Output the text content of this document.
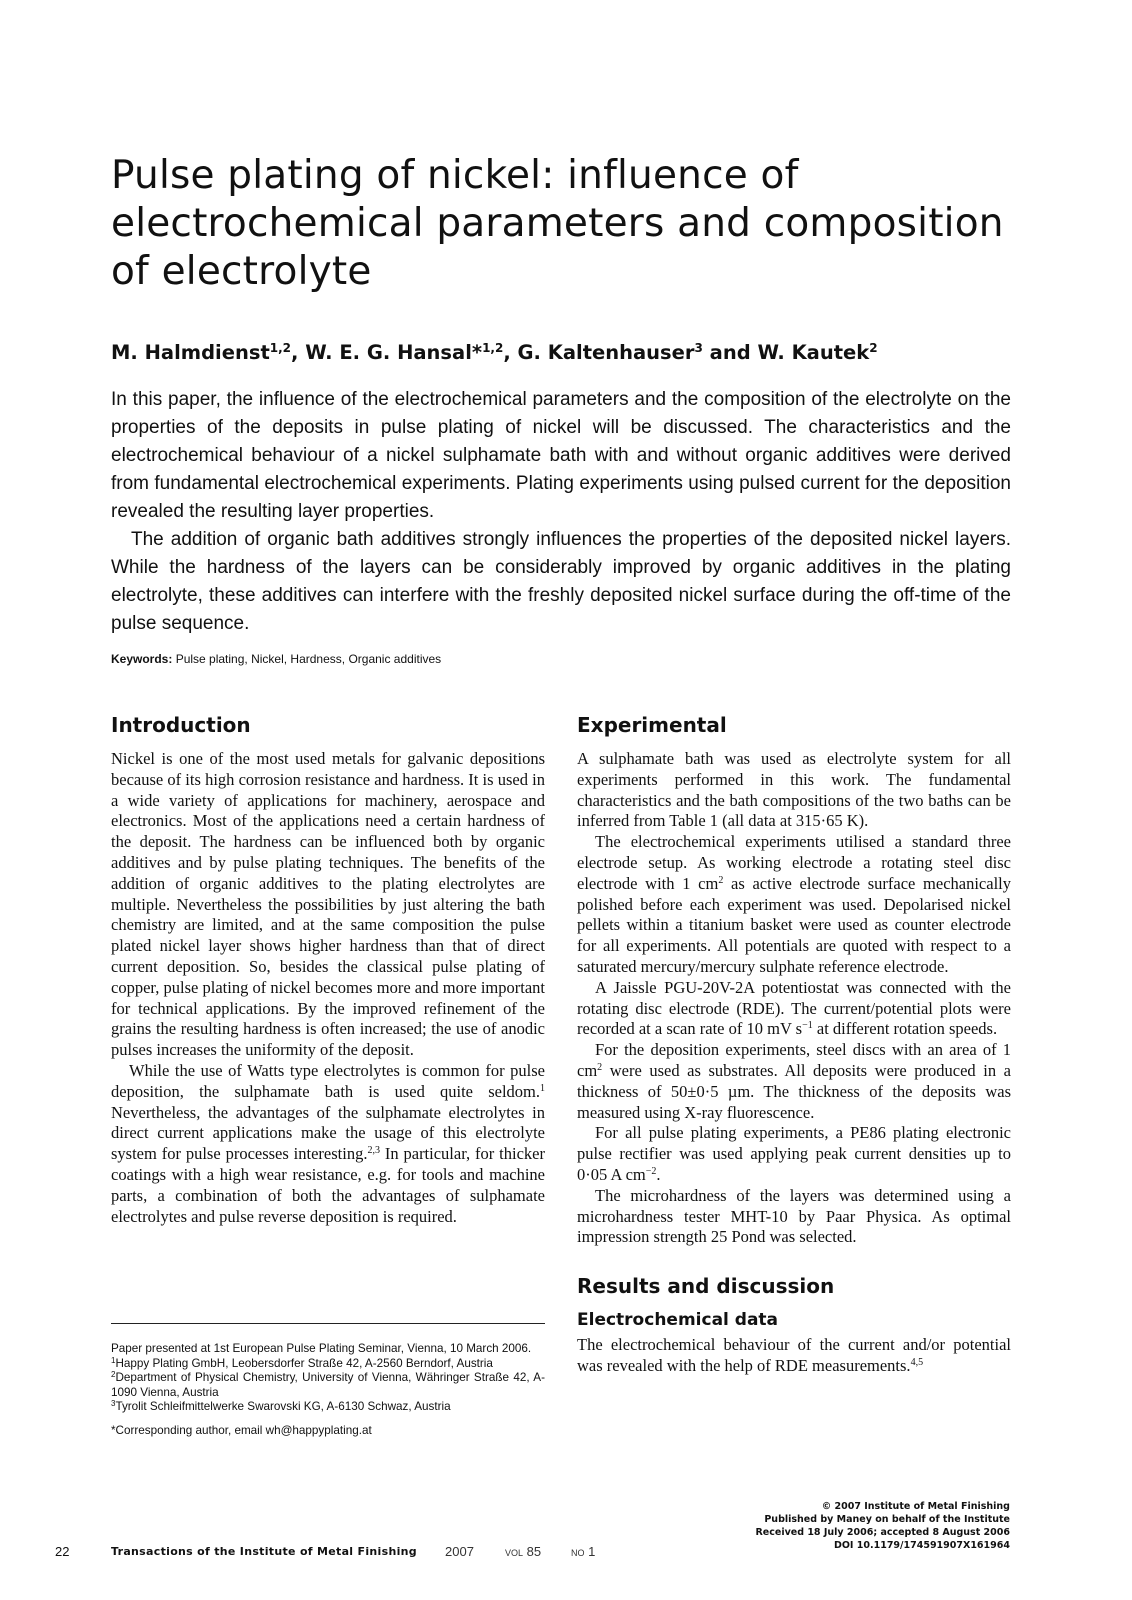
Pulse plating of nickel: influence of electrochemical parameters and composition of electrolyte
M. Halmdienst$^{1,2}$, W. E. G. Hansal*$^{1,2}$, G. Kaltenhauser$^3$ and W. Kautek$^2$

In this paper, the influence of the electrochemical parameters and the composition of the electrolyte on the properties of the deposits in pulse plating of nickel will be discussed. The characteristics and the electrochemical behaviour of a nickel sulphamate bath with and without organic additives were derived from fundamental electrochemical experiments. Plating experiments using pulsed current for the deposition revealed the resulting layer properties.

The addition of organic bath additives strongly influences the properties of the deposited nickel layers. While the hardness of the layers can be considerably improved by organic additives in the plating electrolyte, these additives can interfere with the freshly deposited nickel surface during the off-time of the pulse sequence.

Keywords: Pulse plating, Nickel, Hardness, Organic additives
Introduction

Nickel is one of the most used metals for galvanic depositions because of its high corrosion resistance and hardness. It is used in a wide variety of applications for machinery, aerospace and electronics. Most of the applications need a certain hardness of the deposit. The hardness can be influenced both by organic additives and by pulse plating techniques. The benefits of the addition of organic additives to the plating electrolytes are multiple. Nevertheless the possibilities by just altering the bath chemistry are limited, and at the same composition the pulse plated nickel layer shows higher hardness than that of direct current deposition. So, besides the classical pulse plating of copper, pulse plating of nickel becomes more and more important for technical applications. By the improved refinement of the grains the resulting hardness is often increased; the use of anodic pulses increases the uniformity of the deposit.

While the use of Watts type electrolytes is common for pulse deposition, the sulphamate bath is used quite seldom.$^1$ Nevertheless, the advantages of the sulphamate electrolytes in direct current applications make the usage of this electrolyte system for pulse processes interesting.$^{2,3}$ In particular, for thicker coatings with a high wear resistance, e.g. for tools and machine parts, a combination of both the advantages of sulphamate electrolytes and pulse reverse deposition is required.

Paper presented at 1st European Pulse Plating Seminar, Vienna, 10 March 2006.

$^1$Happy Plating GmbH, Leobersdorfer Straße 42, A-2560 Berndorf, Austria

$^2$Department of Physical Chemistry, University of Vienna, Währinger Straße 42, A-1090 Vienna, Austria

$^3$Tyrolit Schleifmittelwerke Swarovski KG, A-6130 Schwaz, Austria

*Corresponding author, email wh@happyplating.at

Experimental

A sulphamate bath was used as electrolyte system for all experiments performed in this work. The fundamental characteristics and the bath compositions of the two baths can be inferred from Table 1 (all data at 315·65 K).

The electrochemical experiments utilised a standard three electrode setup. As working electrode a rotating steel disc electrode with 1 $cm^2$ as active electrode surface mechanically polished before each experiment was used. Depolarised nickel pellets within a titanium basket were used as counter electrode for all experiments. All potentials are quoted with respect to a saturated mercury/mercury sulphate reference electrode.

A Jaissle PGU-20V-2A potentiostat was connected with the rotating disc electrode (RDE). The current/potential plots were recorded at a scan rate of 10 mV $s^{-1}$ at different rotation speeds.

For the deposition experiments, steel discs with an area of 1 $cm^2$ were used as substrates. All deposits were produced in a thickness of 50±0·5 µm. The thickness of the deposits was measured using X-ray fluorescence.

For all pulse plating experiments, a PE86 plating electronic pulse rectifier was used applying peak current densities up to 0·05 A $cm^{-2}$.

The microhardness of the layers was determined using a microhardness tester MHT-10 by Paar Physica. As optimal impression strength 25 Pond was selected.

Results and discussion
Electrochemical data

The electrochemical behaviour of the current and/or potential was revealed with the help of RDE measurements.$^{4,5}$

© 2007 Institute of Metal Finishing
Published by Maney on behalf of the Institute
Received 18 July 2006; accepted 8 August 2006
DOI 10.1179/174591907X161964
22	Transactions of the Institute of Metal Finishing 2007	VOL 85	NO 1
